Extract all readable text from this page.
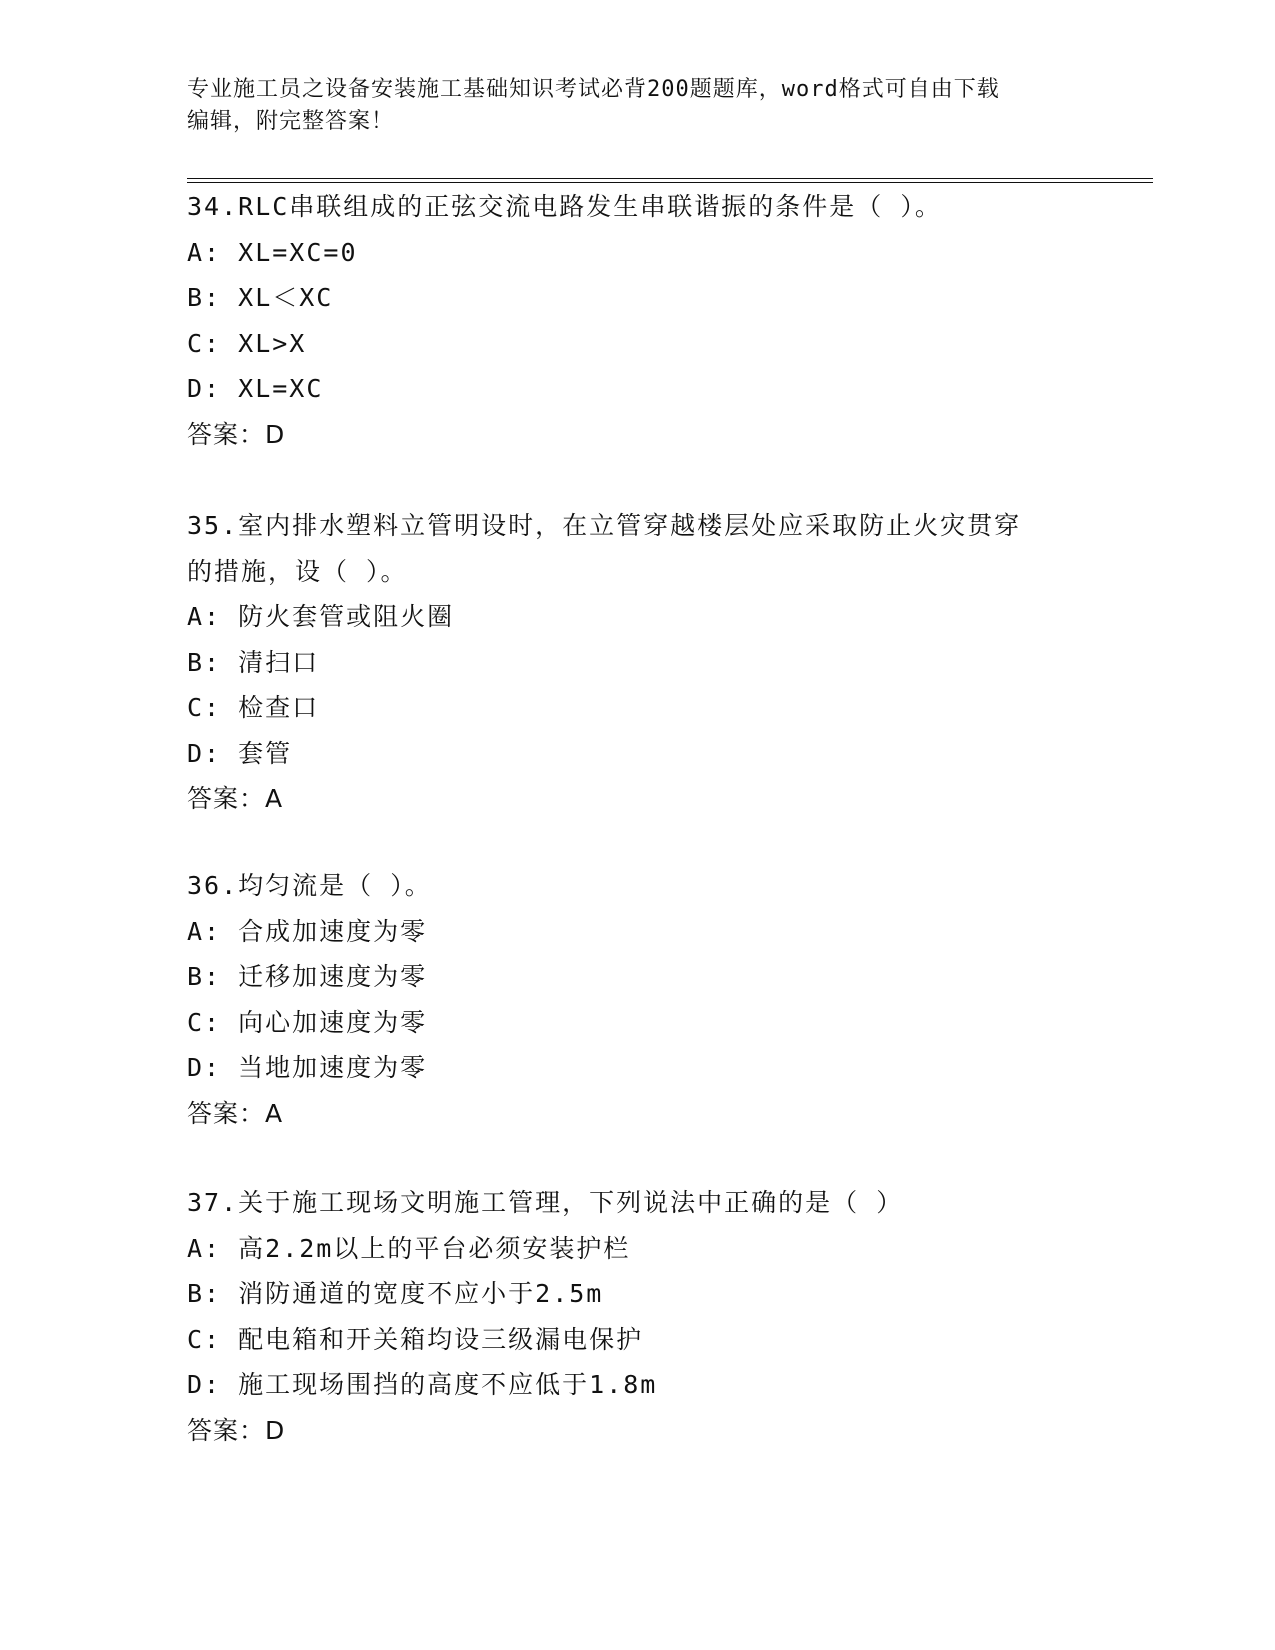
专业施工员之设备安装施工基础知识考试必背200题题库，word格式可自由下载
编辑，附完整答案！
34.RLC串联组成的正弦交流电路发生串联谐振的条件是（ ）。
A: XL=XC=0
B: XL＜XC
C: XL>X
D: XL=XC
答案：D
35.室内排水塑料立管明设时，在立管穿越楼层处应采取防止火灾贯穿
的措施，设（ ）。
A: 防火套管或阻火圈
B: 清扫口
C: 检查口
D: 套管
答案：A
36.均匀流是（ ）。
A: 合成加速度为零
B: 迁移加速度为零
C: 向心加速度为零
D: 当地加速度为零
答案：A
37.关于施工现场文明施工管理，下列说法中正确的是（ ）
A: 高2.2m以上的平台必须安装护栏
B: 消防通道的宽度不应小于2.5m
C: 配电箱和开关箱均设三级漏电保护
D: 施工现场围挡的高度不应低于1.8m
答案：D
